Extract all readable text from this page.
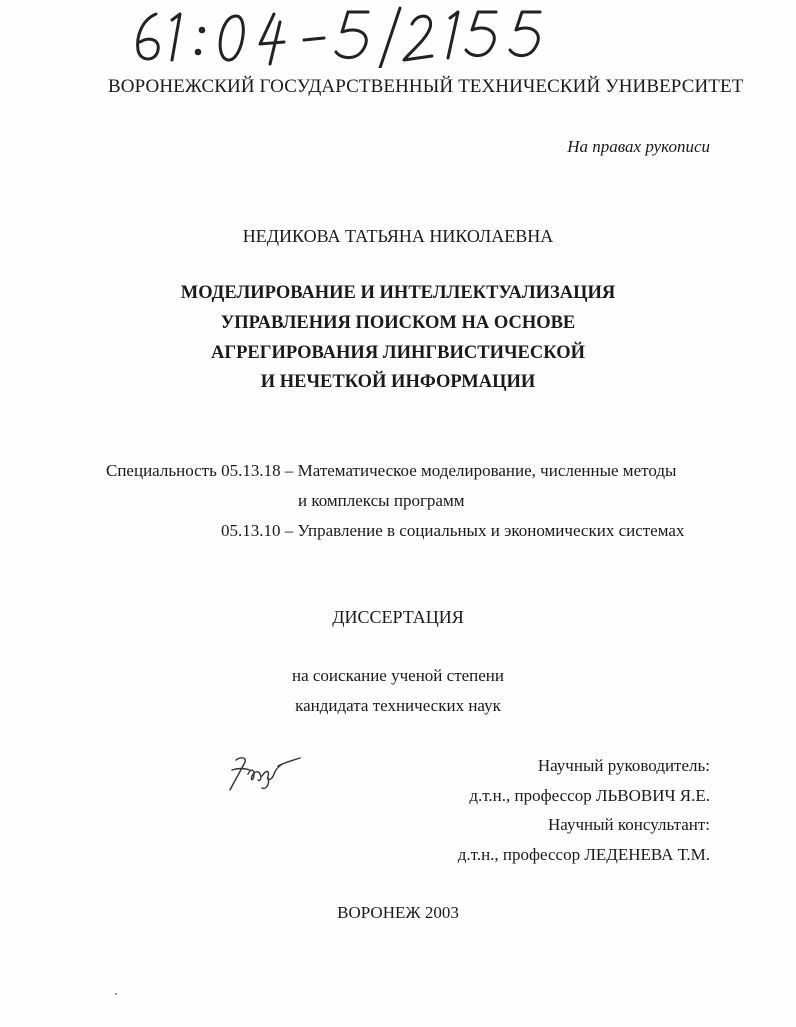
ВОРОНЕЖСКИЙ ГОСУДАРСТВЕННЫЙ ТЕХНИЧЕСКИЙ УНИВЕРСИТЕТ
На правах рукописи
НЕДИКОВА ТАТЬЯНА НИКОЛАЕВНА
МОДЕЛИРОВАНИЕ И ИНТЕЛЛЕКТУАЛИЗАЦИЯ
УПРАВЛЕНИЯ ПОИСКОМ НА ОСНОВЕ
АГРЕГИРОВАНИЯ ЛИНГВИСТИЧЕСКОЙ
И НЕЧЕТКОЙ ИНФОРМАЦИИ
Специальность 05.13.18 – Математическое моделирование, численные методы
и комплексы программ
05.13.10 – Управление в социальных и экономических системах
ДИССЕРТАЦИЯ
на соискание ученой степени
кандидата технических наук
Научный руководитель:
д.т.н., профессор ЛЬВОВИЧ Я.Е.
Научный консультант:
д.т.н., профессор ЛЕДЕНЕВА Т.М.
ВОРОНЕЖ 2003
